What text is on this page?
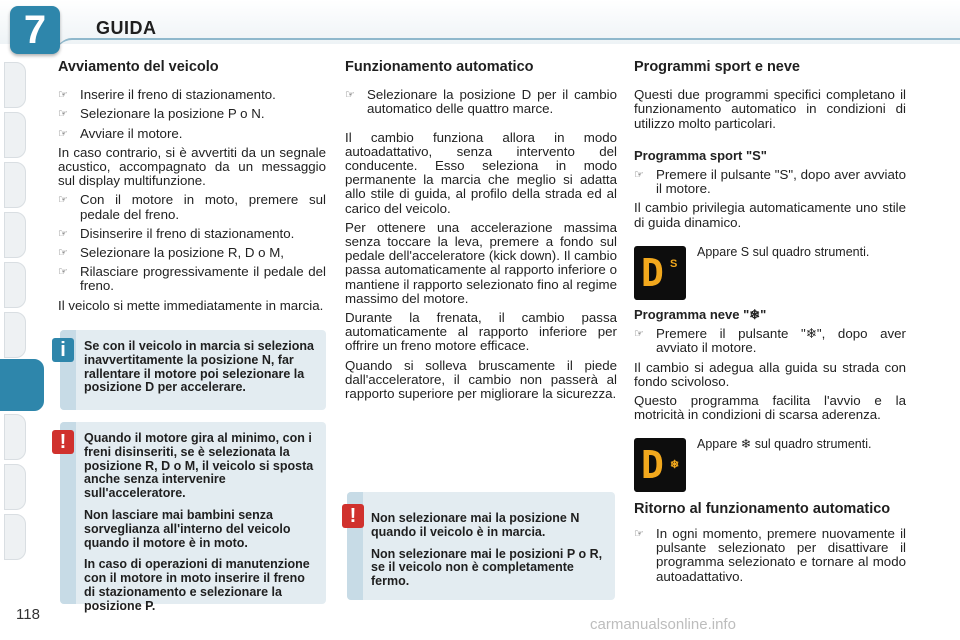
7	GUIDA
Avviamento del veicolo
☞ Inserire il freno di stazionamento.
☞ Selezionare la posizione P o N.
☞ Avviare il motore.

In caso contrario, si è avvertiti da un segnale acustico, accompagnato da un messaggio sul display multifunzione.

☞ Con il motore in moto, premere sul pedale del freno.
☞ Disinserire il freno di stazionamento.
☞ Selezionare la posizione R, D o M,
☞ Rilasciare progressivamente il pedale del freno.

Il veicolo si mette immediatamente in marcia.

Se con il veicolo in marcia si seleziona inavvertitamente la posizione N, far rallentare il motore poi selezionare la posizione D per accelerare.

i

Quando il motore gira al minimo, con i freni disinseriti, se è selezionata la posizione R, D o M, il veicolo si sposta anche senza intervenire sull'acceleratore.

Non lasciare mai bambini senza sorveglianza all'interno del veicolo quando il motore è in moto.

In caso di operazioni di manutenzione con il motore in moto inserire il freno di stazionamento e selezionare la posizione P.

!
Funzionamento automatico
☞ Selezionare la posizione D per il cambio automatico delle quattro marce.

Il cambio funziona allora in modo autoadattativo, senza intervento del conducente. Esso seleziona in modo permanente la marcia che meglio si adatta allo stile di guida, al profilo della strada ed al carico del veicolo.

Per ottenere una accelerazione massima senza toccare la leva, premere a fondo sul pedale dell'acceleratore (kick down). Il cambio passa automaticamente al rapporto inferiore o mantiene il rapporto selezionato fino al regime massimo del motore.

Durante la frenata, il cambio passa automaticamente al rapporto inferiore per offrire un freno motore efficace.

Quando si solleva bruscamente il piede dall'acceleratore, il cambio non passerà al rapporto superiore per migliorare la sicurezza.

Non selezionare mai la posizione N quando il veicolo è in marcia.

Non selezionare mai le posizioni P o R, se il veicolo non è completamente fermo.

!
Programmi sport e neve

Questi due programmi specifici completano il funzionamento automatico in condizioni di utilizzo molto particolari.

Programma sport "S"
☞ Premere il pulsante "S", dopo aver avviato il motore.

Il cambio privilegia automaticamente uno stile di guida dinamico.

D S
Appare S sul quadro strumenti.
Programma neve "❄"
☞ Premere il pulsante "❄", dopo aver avviato il motore.

Il cambio si adegua alla guida su strada con fondo scivoloso.

Questo programma facilita l'avvio e la motricità in condizioni di scarsa aderenza.

D ❄
Appare ❄ sul quadro strumenti.
Ritorno al funzionamento automatico
☞ In ogni momento, premere nuovamente il pulsante selezionato per disattivare il programma selezionato e tornare al modo autoadattativo.
118
carmanualsonline.info
